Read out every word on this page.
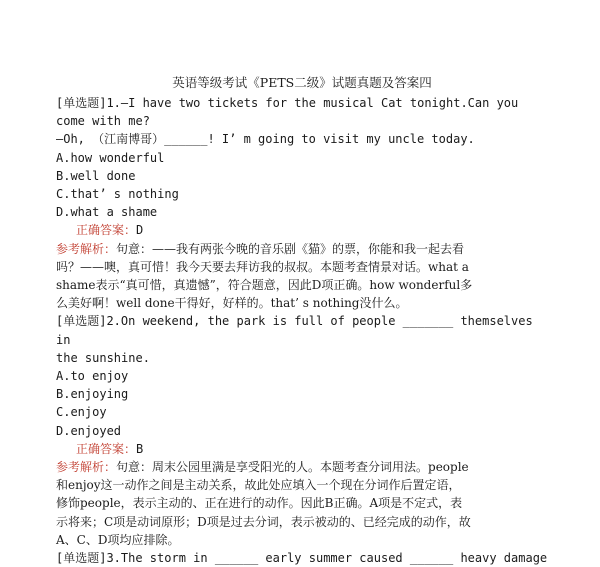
英语等级考试《PETS二级》试题真题及答案四
[单选题]1.—I have two tickets for the musical Cat tonight.Can you
come with me?
—Oh, （江南博哥）______! I’ m going to visit my uncle today.
A.how wonderful
B.well done
C.that’ s nothing
D.what a shame
正确答案：D
参考解析：句意：——我有两张今晚的音乐剧《猫》的票，你能和我一起去看
吗？——噢，真可惜！我今天要去拜访我的叔叔。本题考查情景对话。what a
shame表示“真可惜，真遗憾”，符合题意，因此D项正确。how wonderful多
么美好啊！well done干得好，好样的。that’ s nothing没什么。
[单选题]2.On weekend, the park is full of people _______ themselves in
the sunshine.
A.to enjoy
B.enjoying
C.enjoy
D.enjoyed
正确答案：B
参考解析：句意：周末公园里满是享受阳光的人。本题考查分词用法。people
和enjoy这一动作之间是主动关系，故此处应填入一个现在分词作后置定语，
修饰people，表示主动的、正在进行的动作。因此B正确。A项是不定式，表
示将来；C项是动词原形；D项是过去分词，表示被动的、已经完成的动作，故
A、C、D项均应排除。
[单选题]3.The storm in ______ early summer caused ______ heavy damage
